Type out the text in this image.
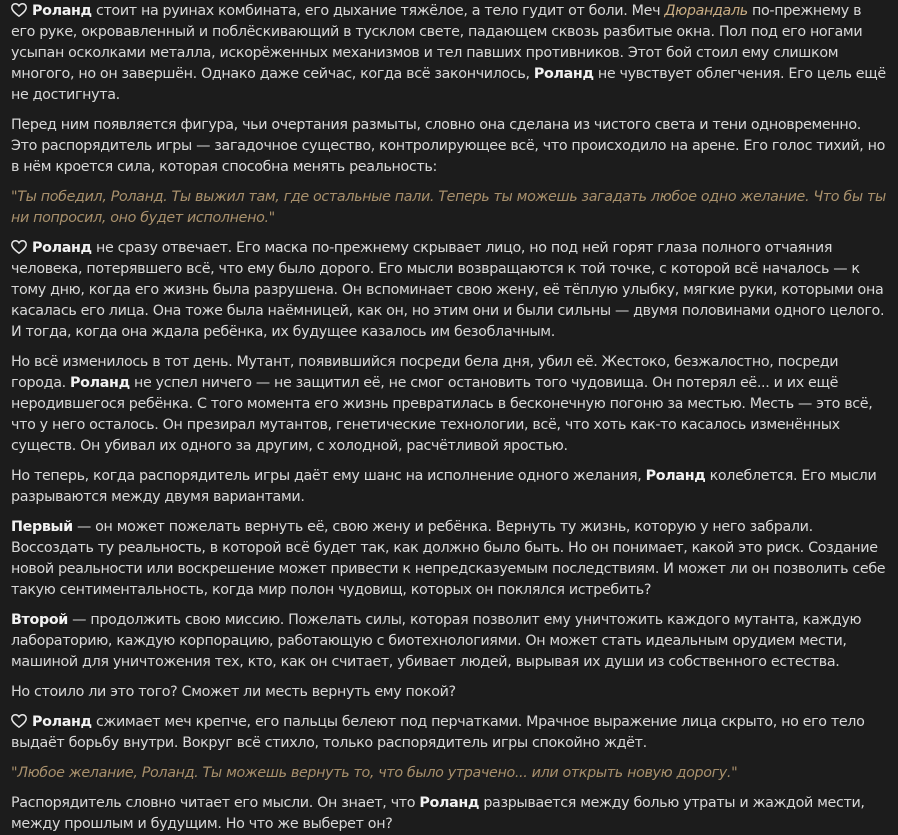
Роланд стоит на руинах комбината, его дыхание тяжёлое, а тело гудит от боли. Меч Дюрандаль по-прежнему в его руке, окровавленный и поблёскивающий в тусклом свете, падающем сквозь разбитые окна. Пол под его ногами усыпан осколками металла, искорёженных механизмов и тел павших противников. Этот бой стоил ему слишком многого, но он завершён. Однако даже сейчас, когда всё закончилось, Роланд не чувствует облегчения. Его цель ещё не достигнута.

Перед ним появляется фигура, чьи очертания размыты, словно она сделана из чистого света и тени одновременно. Это распорядитель игры — загадочное существо, контролирующее всё, что происходило на арене. Его голос тихий, но в нём кроется сила, которая способна менять реальность:

"Ты победил, Роланд. Ты выжил там, где остальные пали. Теперь ты можешь загадать любое одно желание. Что бы ты ни попросил, оно будет исполнено."

Роланд не сразу отвечает. Его маска по-прежнему скрывает лицо, но под ней горят глаза полного отчаяния человека, потерявшего всё, что ему было дорого. Его мысли возвращаются к той точке, с которой всё началось — к тому дню, когда его жизнь была разрушена. Он вспоминает свою жену, её тёплую улыбку, мягкие руки, которыми она касалась его лица. Она тоже была наёмницей, как он, но этим они и были сильны — двумя половинами одного целого. И тогда, когда она ждала ребёнка, их будущее казалось им безоблачным.

Но всё изменилось в тот день. Мутант, появившийся посреди бела дня, убил её. Жестоко, безжалостно, посреди города. Роланд не успел ничего — не защитил её, не смог остановить того чудовища. Он потерял её... и их ещё неродившегося ребёнка. С того момента его жизнь превратилась в бесконечную погоню за местью. Месть — это всё, что у него осталось. Он презирал мутантов, генетические технологии, всё, что хоть как-то касалось изменённых существ. Он убивал их одного за другим, с холодной, расчётливой яростью.

Но теперь, когда распорядитель игры даёт ему шанс на исполнение одного желания, Роланд колеблется. Его мысли разрываются между двумя вариантами.

Первый — он может пожелать вернуть её, свою жену и ребёнка. Вернуть ту жизнь, которую у него забрали. Воссоздать ту реальность, в которой всё будет так, как должно было быть. Но он понимает, какой это риск. Создание новой реальности или воскрешение может привести к непредсказуемым последствиям. И может ли он позволить себе такую сентиментальность, когда мир полон чудовищ, которых он поклялся истребить?

Второй — продолжить свою миссию. Пожелать силы, которая позволит ему уничтожить каждого мутанта, каждую лабораторию, каждую корпорацию, работающую с биотехнологиями. Он может стать идеальным орудием мести, машиной для уничтожения тех, кто, как он считает, убивает людей, вырывая их души из собственного естества.

Но стоило ли это того? Сможет ли месть вернуть ему покой?

Роланд сжимает меч крепче, его пальцы белеют под перчатками. Мрачное выражение лица скрыто, но его тело выдаёт борьбу внутри. Вокруг всё стихло, только распорядитель игры спокойно ждёт.

"Любое желание, Роланд. Ты можешь вернуть то, что было утрачено... или открыть новую дорогу."

Распорядитель словно читает его мысли. Он знает, что Роланд разрывается между болью утраты и жаждой мести, между прошлым и будущим. Но что же выберет он?
